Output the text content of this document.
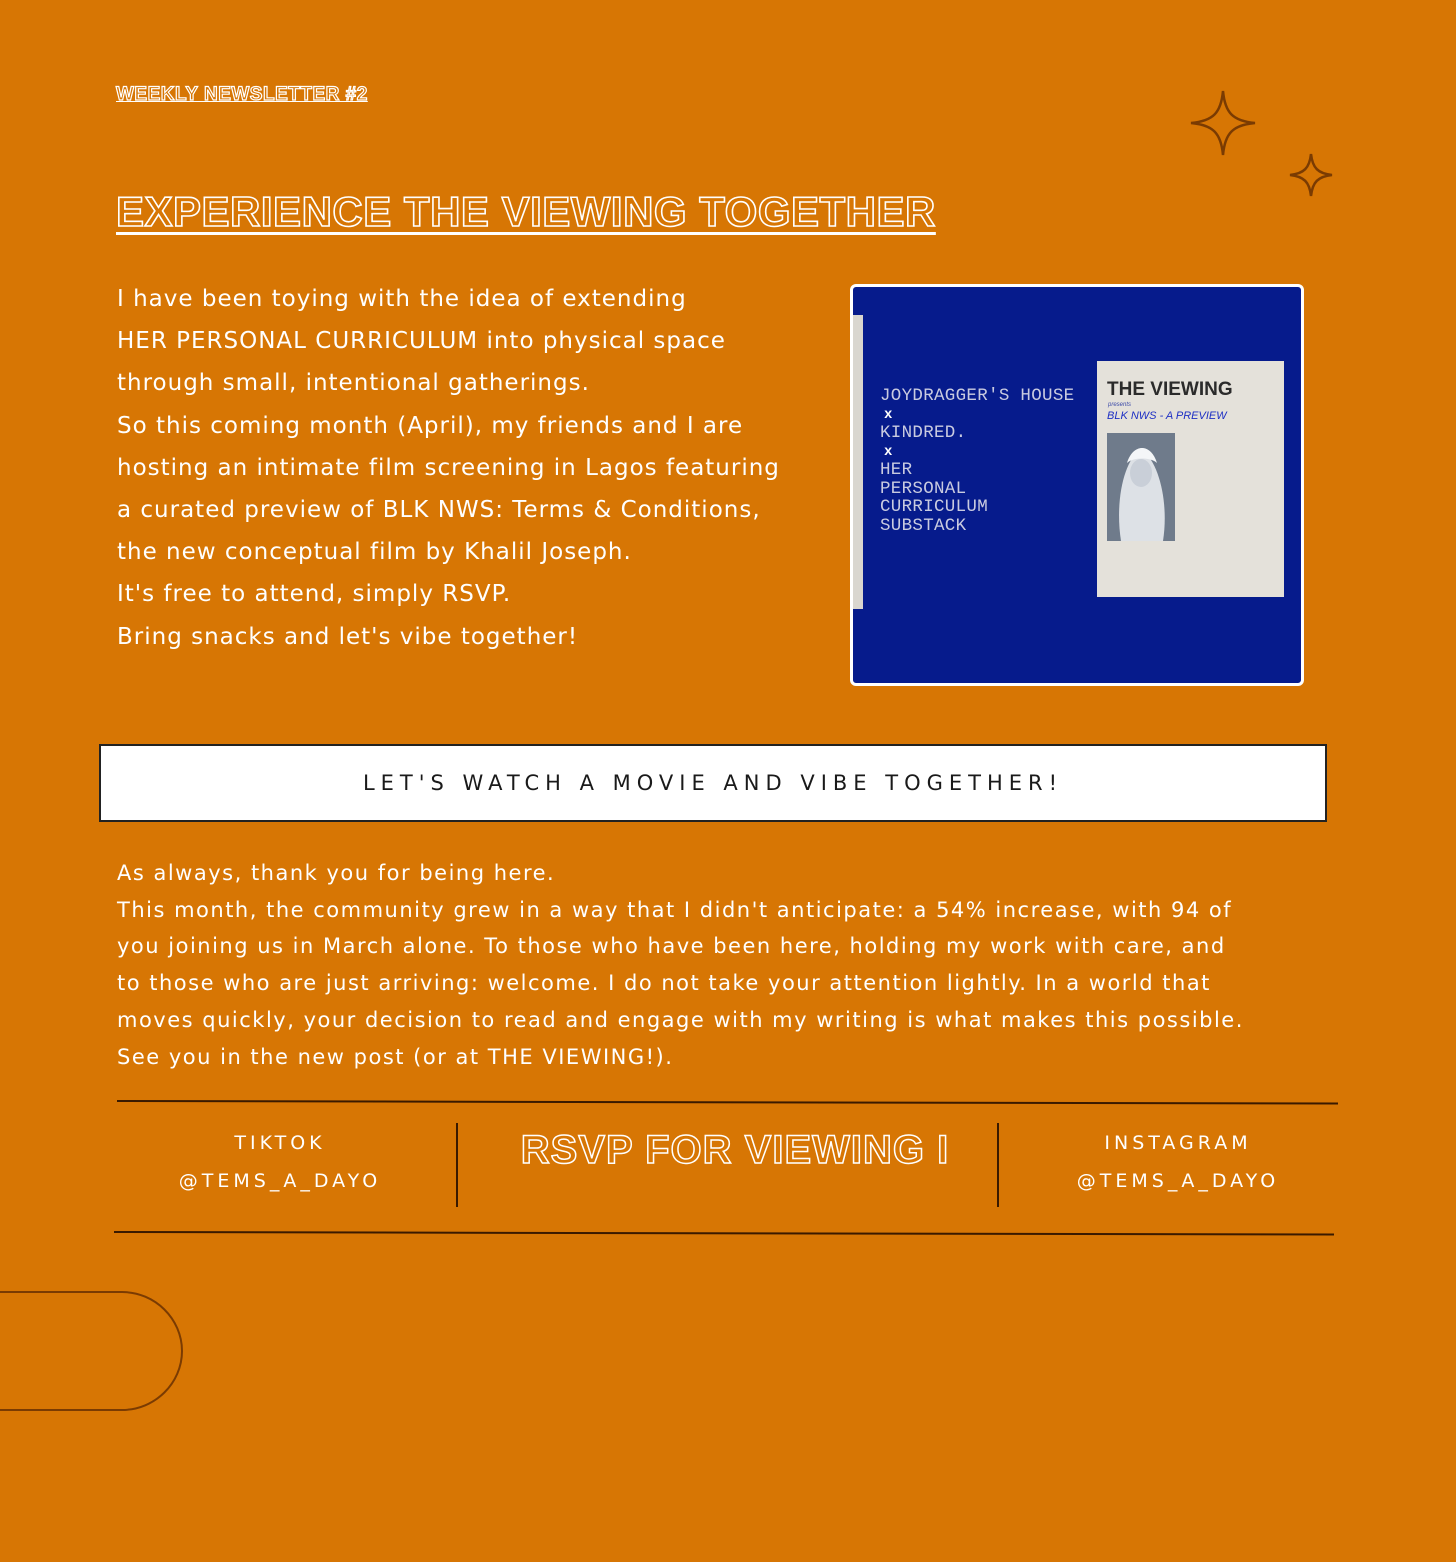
WEEKLY NEWSLETTER #2
EXPERIENCE THE VIEWING TOGETHER

I have been toying with the idea of extending

HER PERSONAL CURRICULUM into physical space

through small, intentional gatherings.

So this coming month (April), my friends and I are

hosting an intimate film screening in Lagos featuring

a curated preview of BLK NWS: Terms & Conditions,

the new conceptual film by Khalil Joseph.

It's free to attend, simply RSVP.

Bring snacks and let's vibe together!

JOYDRAGGER'S HOUSE
x
KINDRED.
x
HER
PERSONAL
CURRICULUM
SUBSTACK
THE VIEWING
presents
BLK NWS - A PREVIEW
LET'S WATCH A MOVIE AND VIBE TOGETHER!

As always, thank you for being here.

This month, the community grew in a way that I didn't anticipate: a 54% increase, with 94 of

you joining us in March alone. To those who have been here, holding my work with care, and

to those who are just arriving: welcome. I do not take your attention lightly. In a world that

moves quickly, your decision to read and engage with my writing is what makes this possible.

See you in the new post (or at THE VIEWING!).

TIKTOK
@TEMS_A_DAYO
RSVP FOR VIEWING I	INSTAGRAM
@TEMS_A_DAYO
